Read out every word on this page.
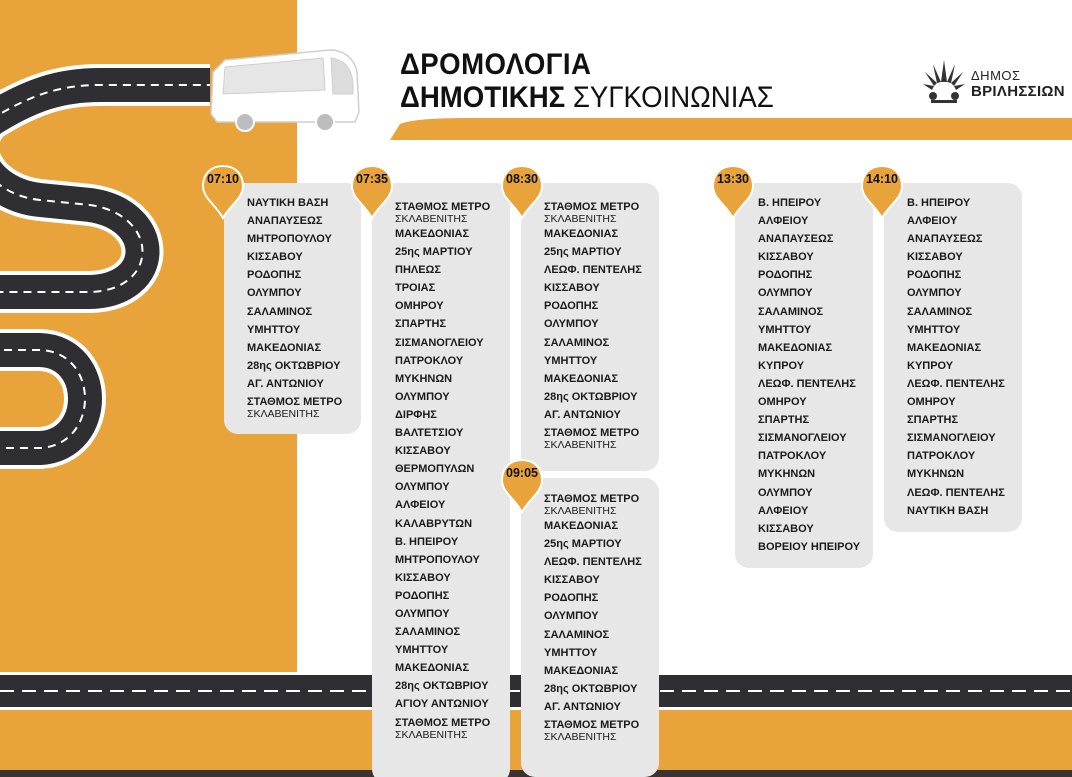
ΔΡΟΜΟΛΟΓΙΑ
ΔΗΜΟΤΙΚΗΣ ΣΥΓΚΟΙΝΩΝΙΑΣ
ΔΗΜΟΣ
ΒΡΙΛΗΣΣΙΩΝ
ΝΑΥΤΙΚΗ ΒΑΣΗ
ΑΝΑΠΑΥΣΕΩΣ
ΜΗΤΡΟΠΟΥΛΟΥ
ΚΙΣΣΑΒΟΥ
ΡΟΔΟΠΗΣ
ΟΛΥΜΠΟΥ
ΣΑΛΑΜΙΝΟΣ
ΥΜΗΤΤΟΥ
ΜΑΚΕΔΟΝΙΑΣ
28ης ΟΚΤΩΒΡΙΟΥ
ΑΓ. ΑΝΤΩΝΙΟΥ
ΣΤΑΘΜΟΣ ΜΕΤΡΟ
ΣΚΛΑΒΕΝΙΤΗΣ
ΣΤΑΘΜΟΣ ΜΕΤΡΟ
ΣΚΛΑΒΕΝΙΤΗΣ
ΜΑΚΕΔΟΝΙΑΣ
25ης ΜΑΡΤΙΟΥ
ΠΗΛΕΩΣ
ΤΡΟΙΑΣ
ΟΜΗΡΟΥ
ΣΠΑΡΤΗΣ
ΣΙΣΜΑΝΟΓΛΕΙΟΥ
ΠΑΤΡΟΚΛΟΥ
ΜΥΚΗΝΩΝ
ΟΛΥΜΠΟΥ
ΔΙΡΦΗΣ
ΒΑΛΤΕΤΣΙΟΥ
ΚΙΣΣΑΒΟΥ
ΘΕΡΜΟΠΥΛΩΝ
ΟΛΥΜΠΟΥ
ΑΛΦΕΙΟΥ
ΚΑΛΑΒΡΥΤΩΝ
Β. ΗΠΕΙΡΟΥ
ΜΗΤΡΟΠΟΥΛΟΥ
ΚΙΣΣΑΒΟΥ
ΡΟΔΟΠΗΣ
ΟΛΥΜΠΟΥ
ΣΑΛΑΜΙΝΟΣ
ΥΜΗΤΤΟΥ
ΜΑΚΕΔΟΝΙΑΣ
28ης ΟΚΤΩΒΡΙΟΥ
ΑΓΙΟΥ ΑΝΤΩΝΙΟΥ
ΣΤΑΘΜΟΣ ΜΕΤΡΟ
ΣΚΛΑΒΕΝΙΤΗΣ
ΣΤΑΘΜΟΣ ΜΕΤΡΟ
ΣΚΛΑΒΕΝΙΤΗΣ
ΜΑΚΕΔΟΝΙΑΣ
25ης ΜΑΡΤΙΟΥ
ΛΕΩΦ. ΠΕΝΤΕΛΗΣ
ΚΙΣΣΑΒΟΥ
ΡΟΔΟΠΗΣ
ΟΛΥΜΠΟΥ
ΣΑΛΑΜΙΝΟΣ
ΥΜΗΤΤΟΥ
ΜΑΚΕΔΟΝΙΑΣ
28ης ΟΚΤΩΒΡΙΟΥ
ΑΓ. ΑΝΤΩΝΙΟΥ
ΣΤΑΘΜΟΣ ΜΕΤΡΟ
ΣΚΛΑΒΕΝΙΤΗΣ
ΣΤΑΘΜΟΣ ΜΕΤΡΟ
ΣΚΛΑΒΕΝΙΤΗΣ
ΜΑΚΕΔΟΝΙΑΣ
25ης ΜΑΡΤΙΟΥ
ΛΕΩΦ. ΠΕΝΤΕΛΗΣ
ΚΙΣΣΑΒΟΥ
ΡΟΔΟΠΗΣ
ΟΛΥΜΠΟΥ
ΣΑΛΑΜΙΝΟΣ
ΥΜΗΤΤΟΥ
ΜΑΚΕΔΟΝΙΑΣ
28ης ΟΚΤΩΒΡΙΟΥ
ΑΓ. ΑΝΤΩΝΙΟΥ
ΣΤΑΘΜΟΣ ΜΕΤΡΟ
ΣΚΛΑΒΕΝΙΤΗΣ
Β. ΗΠΕΙΡΟΥ
ΑΛΦΕΙΟΥ
ΑΝΑΠΑΥΣΕΩΣ
ΚΙΣΣΑΒΟΥ
ΡΟΔΟΠΗΣ
ΟΛΥΜΠΟΥ
ΣΑΛΑΜΙΝΟΣ
ΥΜΗΤΤΟΥ
ΜΑΚΕΔΟΝΙΑΣ
ΚΥΠΡΟΥ
ΛΕΩΦ. ΠΕΝΤΕΛΗΣ
ΟΜΗΡΟΥ
ΣΠΑΡΤΗΣ
ΣΙΣΜΑΝΟΓΛΕΙΟΥ
ΠΑΤΡΟΚΛΟΥ
ΜΥΚΗΝΩΝ
ΟΛΥΜΠΟΥ
ΑΛΦΕΙΟΥ
ΚΙΣΣΑΒΟΥ
ΒΟΡΕΙΟΥ ΗΠΕΙΡΟΥ
Β. ΗΠΕΙΡΟΥ
ΑΛΦΕΙΟΥ
ΑΝΑΠΑΥΣΕΩΣ
ΚΙΣΣΑΒΟΥ
ΡΟΔΟΠΗΣ
ΟΛΥΜΠΟΥ
ΣΑΛΑΜΙΝΟΣ
ΥΜΗΤΤΟΥ
ΜΑΚΕΔΟΝΙΑΣ
ΚΥΠΡΟΥ
ΛΕΩΦ. ΠΕΝΤΕΛΗΣ
ΟΜΗΡΟΥ
ΣΠΑΡΤΗΣ
ΣΙΣΜΑΝΟΓΛΕΙΟΥ
ΠΑΤΡΟΚΛΟΥ
ΜΥΚΗΝΩΝ
ΛΕΩΦ. ΠΕΝΤΕΛΗΣ
ΝΑΥΤΙΚΗ ΒΑΣΗ
07:10	07:35	08:30
09:05
13:30	14:10
